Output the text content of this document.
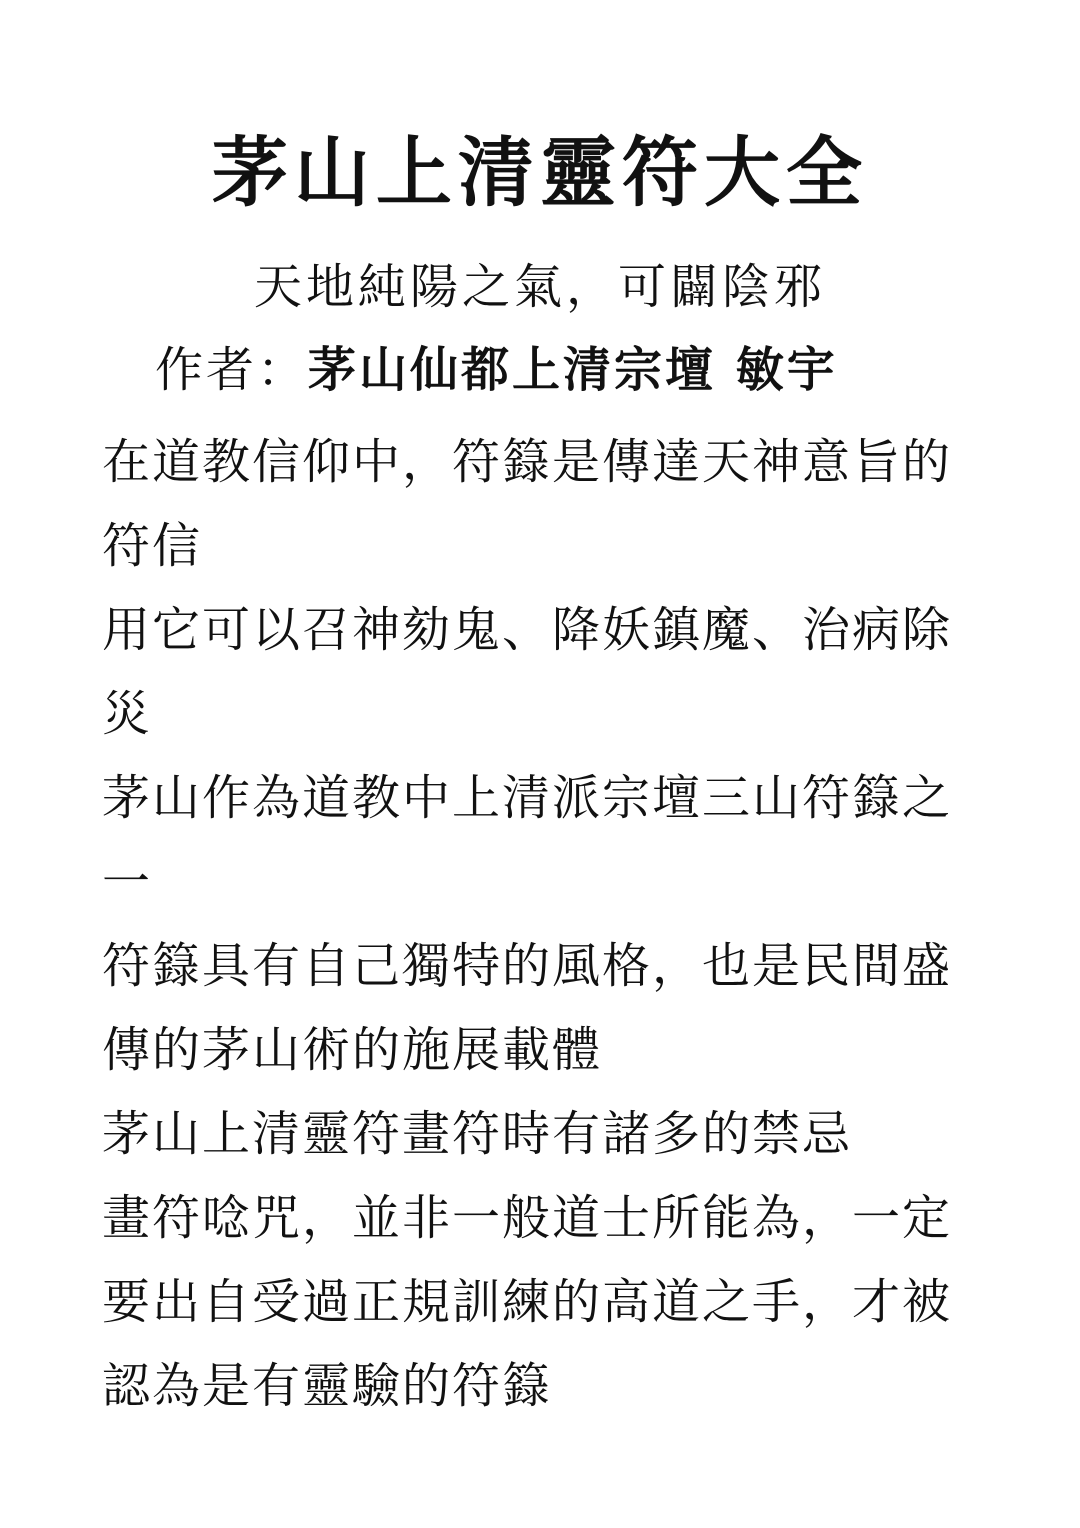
茅山上清靈符大全
天地純陽之氣，可闢陰邪
作者：茅山仙都上清宗壇 敏宇

在道教信仰中，符籙是傳達天神意旨的符信

用它可以召神劾鬼、降妖鎮魔、治病除災

茅山作為道教中上清派宗壇三山符籙之一

符籙具有自己獨特的風格，也是民間盛傳的茅山術的施展載體

茅山上清靈符畫符時有諸多的禁忌

畫符唸咒，並非一般道士所能為，一定要出自受過正規訓練的高道之手，才被認為是有靈驗的符籙
